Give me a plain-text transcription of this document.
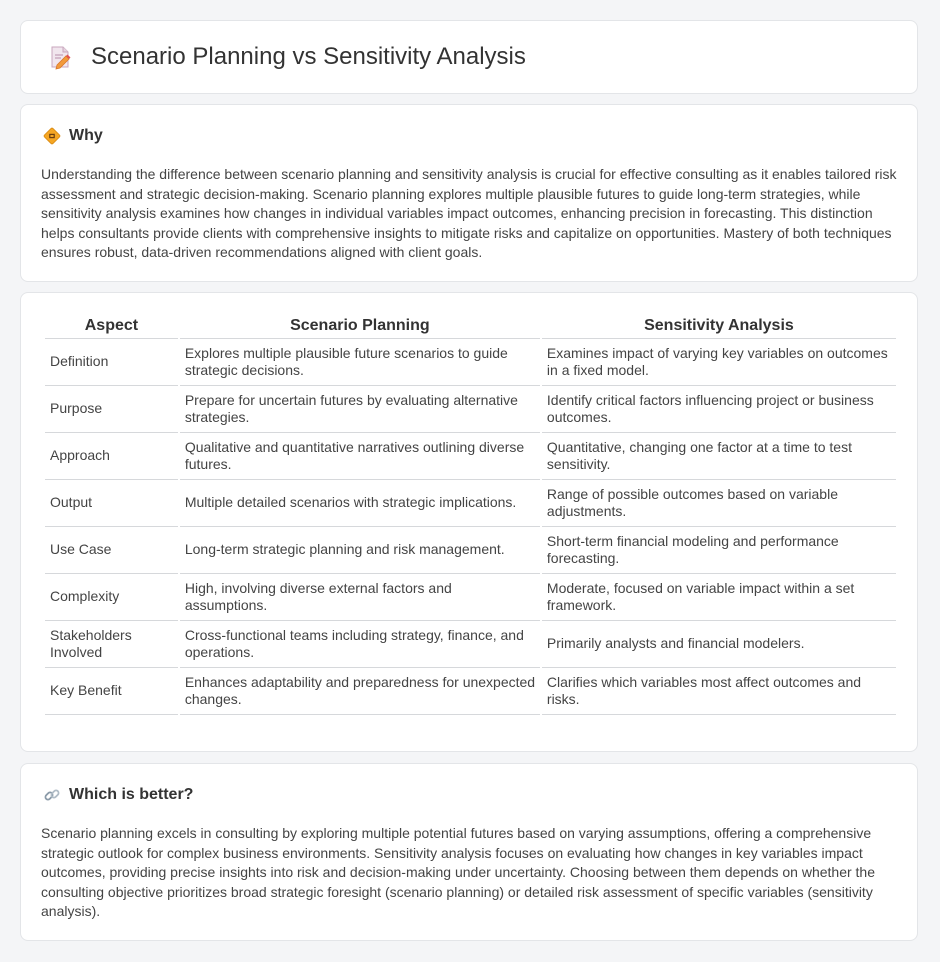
Scenario Planning vs Sensitivity Analysis
Why

Understanding the difference between scenario planning and sensitivity analysis is crucial for effective consulting as it enables tailored risk assessment and strategic decision-making. Scenario planning explores multiple plausible futures to guide long-term strategies, while sensitivity analysis examines how changes in individual variables impact outcomes, enhancing precision in forecasting. This distinction helps consultants provide clients with comprehensive insights to mitigate risks and capitalize on opportunities. Mastery of both techniques ensures robust, data-driven recommendations aligned with client goals.

Aspect	Scenario Planning	Sensitivity Analysis
Definition	Explores multiple plausible future scenarios to guide strategic decisions.	Examines impact of varying key variables on outcomes in a fixed model.
Purpose	Prepare for uncertain futures by evaluating alternative strategies.	Identify critical factors influencing project or business outcomes.
Approach	Qualitative and quantitative narratives outlining diverse futures.	Quantitative, changing one factor at a time to test sensitivity.
Output	Multiple detailed scenarios with strategic implications.	Range of possible outcomes based on variable adjustments.
Use Case	Long-term strategic planning and risk management.	Short-term financial modeling and performance forecasting.
Complexity	High, involving diverse external factors and assumptions.	Moderate, focused on variable impact within a set framework.
Stakeholders Involved	Cross-functional teams including strategy, finance, and operations.	Primarily analysts and financial modelers.
Key Benefit	Enhances adaptability and preparedness for unexpected changes.	Clarifies which variables most affect outcomes and risks.
Which is better?

Scenario planning excels in consulting by exploring multiple potential futures based on varying assumptions, offering a comprehensive strategic outlook for complex business environments. Sensitivity analysis focuses on evaluating how changes in key variables impact outcomes, providing precise insights into risk and decision-making under uncertainty. Choosing between them depends on whether the consulting objective prioritizes broad strategic foresight (scenario planning) or detailed risk assessment of specific variables (sensitivity analysis).
